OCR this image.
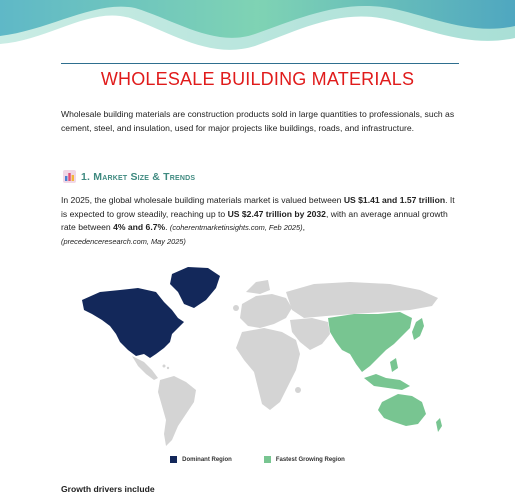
WHOLESALE BUILDING MATERIALS
Wholesale building materials are construction products sold in large quantities to professionals, such as cement, steel, and insulation, used for major projects like buildings, roads, and infrastructure.
1. Market Size & Trends
In 2025, the global wholesale building materials market is valued between US $1.41 and 1.57 trillion. It is expected to grow steadily, reaching up to US $2.47 trillion by 2032, with an average annual growth rate between 4% and 6.7%. (coherentmarketinsights.com, Feb 2025),
(precedenceresearch.com, May 2025)
Dominant Region	Fastest Growing Region
Growth drivers include
